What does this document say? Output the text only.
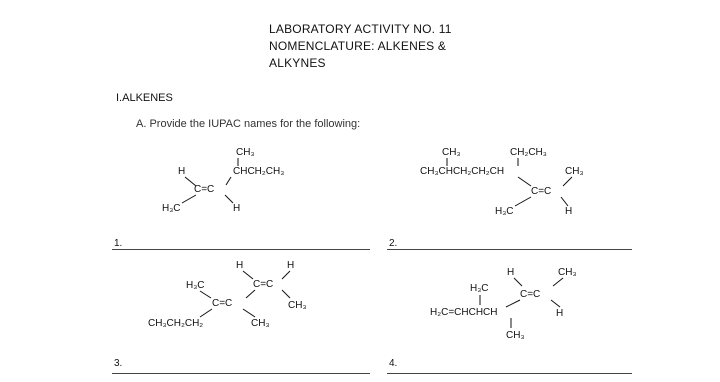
LABORATORY ACTIVITY NO. 11
NOMENCLATURE: ALKENES &
ALKYNES
I.ALKENES
A. Provide the IUPAC names for the following:
1.	2.
3.	4.
CH₃
CHCH₂CH₃
H
C=C
H₃C	H
CH₃	CH₂CH₃
CH₃CHCH₂CH₂CH	CH₃
C=C
H₃C	H
H	H
C=C
H₃C
C=C	CH₃
CH₃CH₂CH₂	CH₃
H	CH₃
H₃C
C=C
H₂C=CHCHCH	H
CH₃
